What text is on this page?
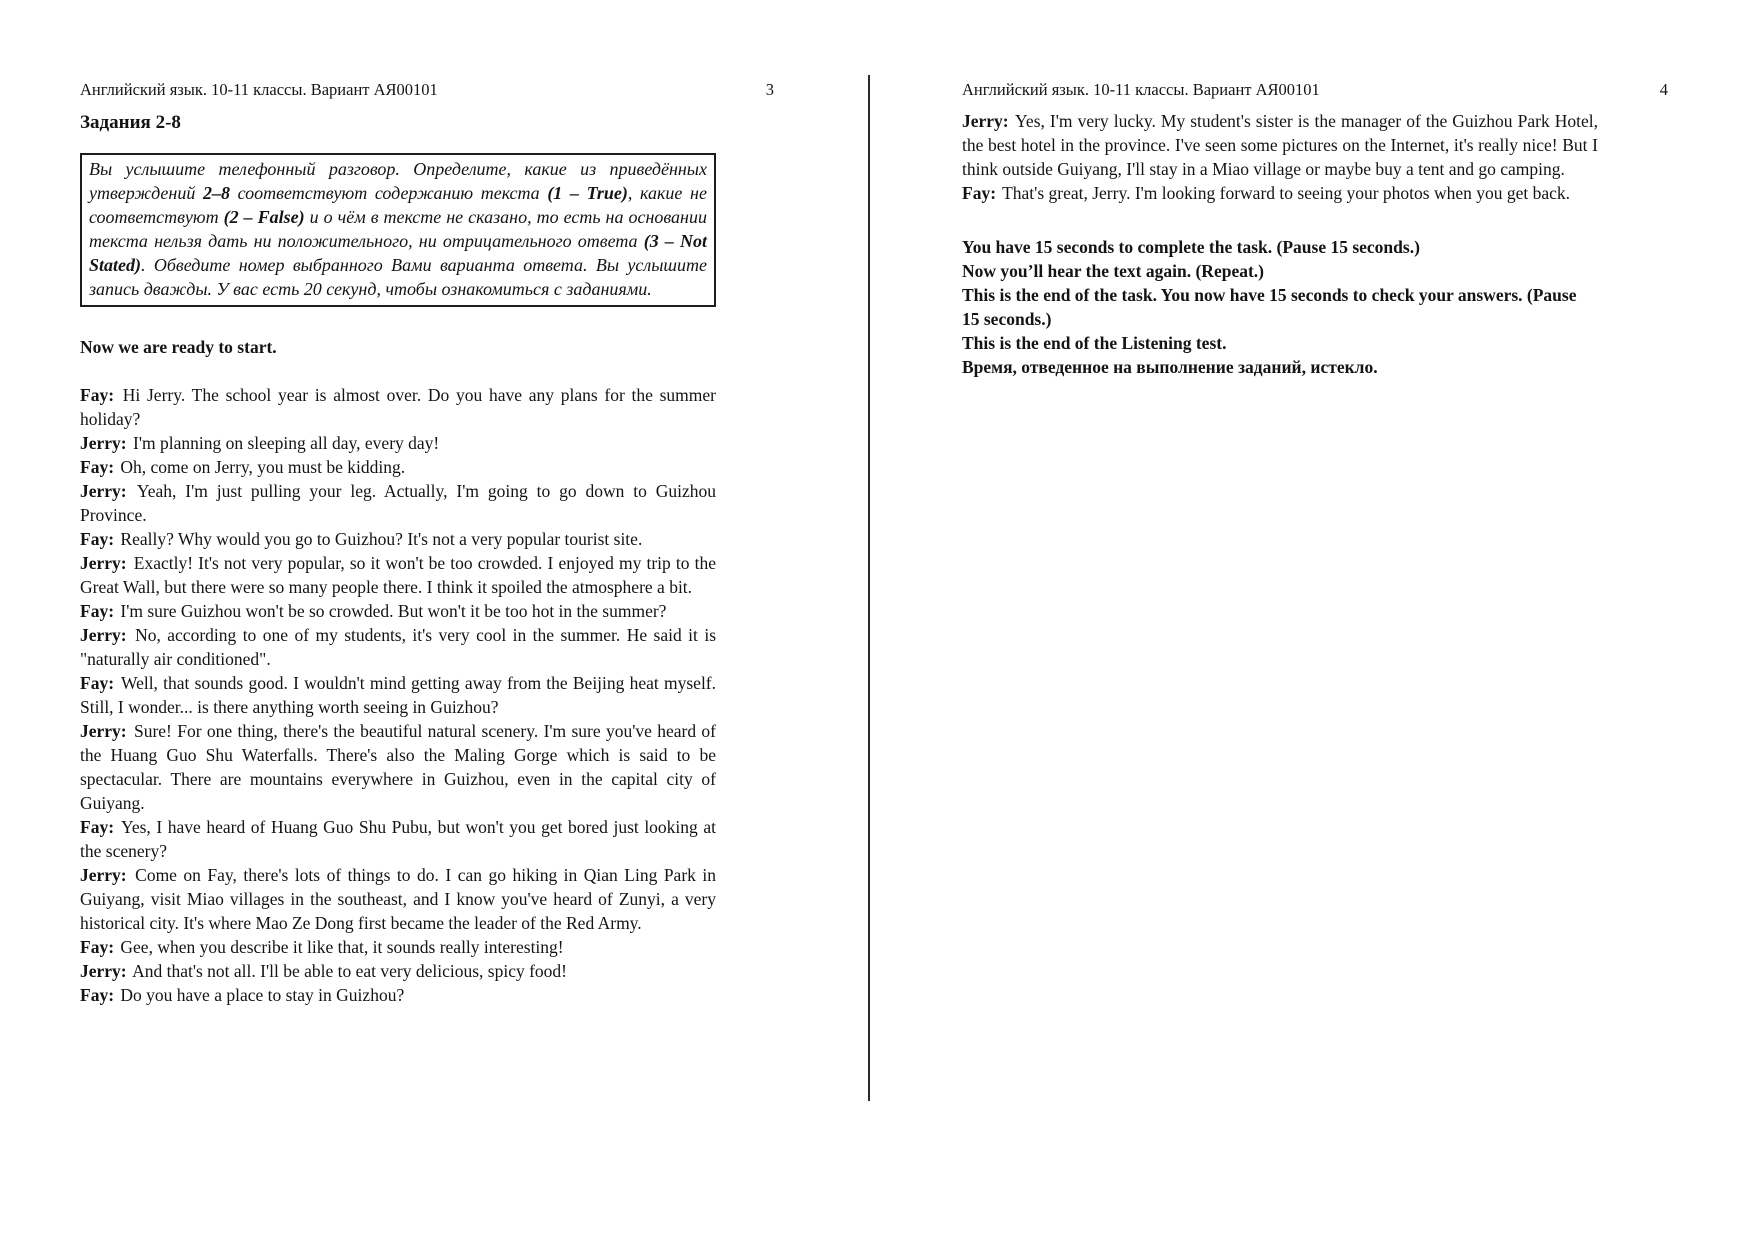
Английский язык. 10-11 классы. Вариант АЯ00101	3

Задания 2-8

Вы услышите телефонный разговор. Определите, какие из приведённых утверждений 2–8 соответствуют содержанию текста (1 – True), какие не соответствуют (2 – False) и о чём в тексте не сказано, то есть на основании текста нельзя дать ни положительного, ни отрицательного ответа (3 – Not Stated). Обведите номер выбранного Вами варианта ответа. Вы услышите запись дважды. У вас есть 20 секунд, чтобы ознакомиться с заданиями.

Now we are ready to start.

Fay: Hi Jerry. The school year is almost over. Do you have any plans for the summer holiday?

Jerry: I'm planning on sleeping all day, every day!

Fay: Oh, come on Jerry, you must be kidding.

Jerry: Yeah, I'm just pulling your leg. Actually, I'm going to go down to Guizhou Province.

Fay: Really? Why would you go to Guizhou? It's not a very popular tourist site.

Jerry: Exactly! It's not very popular, so it won't be too crowded. I enjoyed my trip to the Great Wall, but there were so many people there. I think it spoiled the atmosphere a bit.

Fay: I'm sure Guizhou won't be so crowded. But won't it be too hot in the summer?

Jerry: No, according to one of my students, it's very cool in the summer. He said it is "naturally air conditioned".

Fay: Well, that sounds good. I wouldn't mind getting away from the Beijing heat myself. Still, I wonder... is there anything worth seeing in Guizhou?

Jerry: Sure! For one thing, there's the beautiful natural scenery. I'm sure you've heard of the Huang Guo Shu Waterfalls. There's also the Maling Gorge which is said to be spectacular. There are mountains everywhere in Guizhou, even in the capital city of Guiyang.

Fay: Yes, I have heard of Huang Guo Shu Pubu, but won't you get bored just looking at the scenery?

Jerry: Come on Fay, there's lots of things to do. I can go hiking in Qian Ling Park in Guiyang, visit Miao villages in the southeast, and I know you've heard of Zunyi, a very historical city. It's where Mao Ze Dong first became the leader of the Red Army.

Fay: Gee, when you describe it like that, it sounds really interesting!

Jerry: And that's not all. I'll be able to eat very delicious, spicy food!

Fay: Do you have a place to stay in Guizhou?

Английский язык. 10-11 классы. Вариант АЯ00101	4

Jerry: Yes, I'm very lucky. My student's sister is the manager of the Guizhou Park Hotel, the best hotel in the province. I've seen some pictures on the Internet, it's really nice! But I think outside Guiyang, I'll stay in a Miao village or maybe buy a tent and go camping.

Fay: That's great, Jerry. I'm looking forward to seeing your photos when you get back.

You have 15 seconds to complete the task. (Pause 15 seconds.)

Now you’ll hear the text again. (Repeat.)

This is the end of the task. You now have 15 seconds to check your answers. (Pause 15 seconds.)

This is the end of the Listening test.

Время, отведенное на выполнение заданий, истекло.
